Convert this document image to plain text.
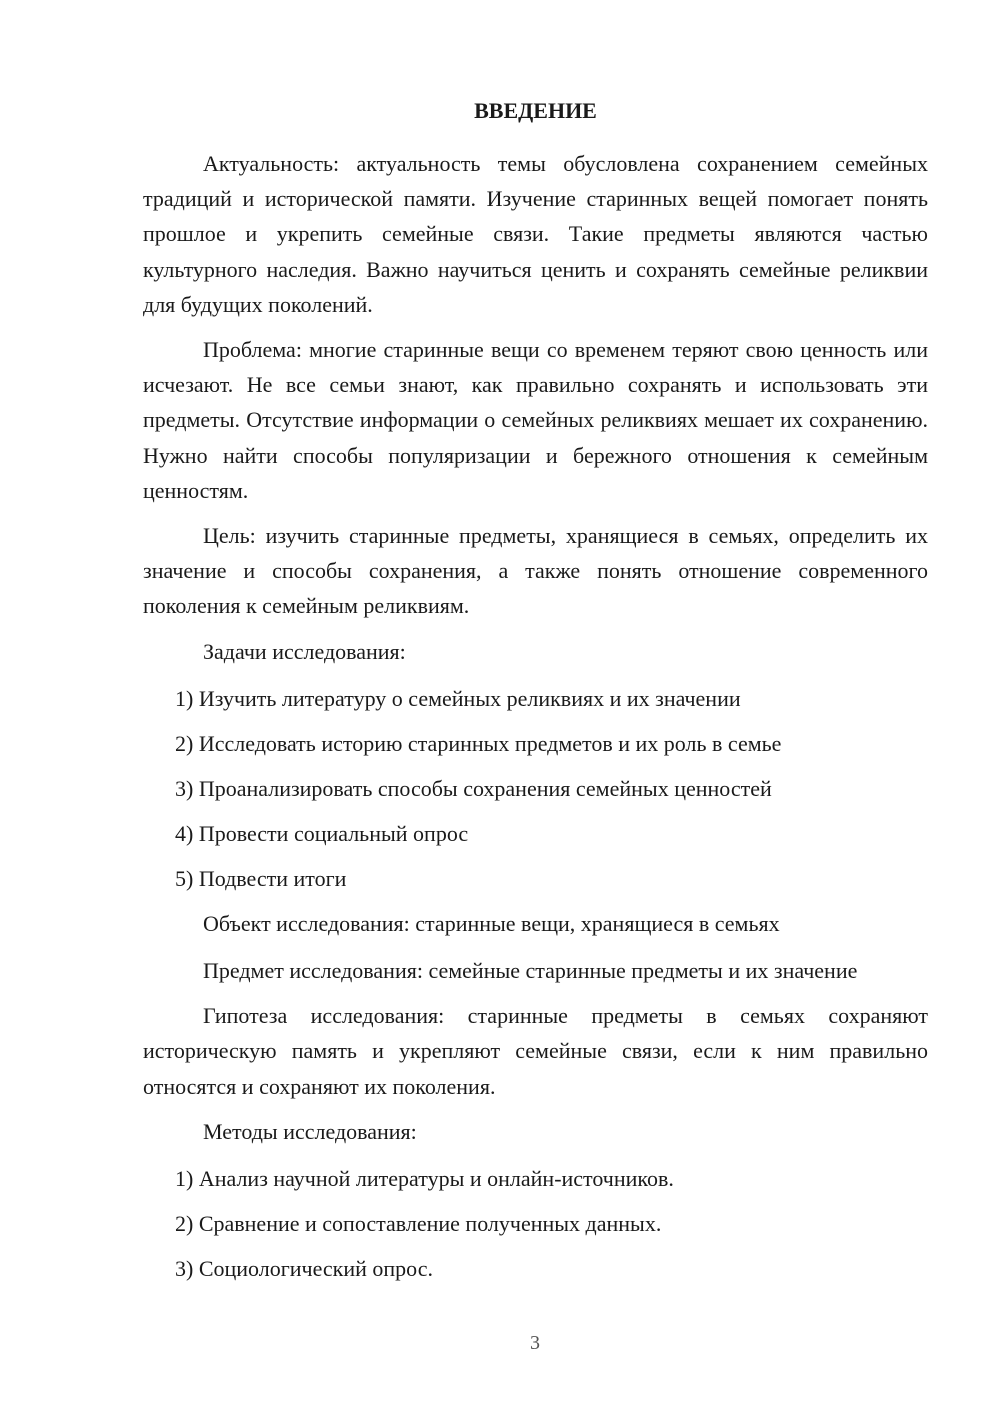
ВВЕДЕНИЕ

Актуальность: актуальность темы обусловлена сохранением семейных традиций и исторической памяти. Изучение старинных вещей помогает понять прошлое и укрепить семейные связи. Такие предметы являются частью культурного наследия. Важно научиться ценить и сохранять семейные реликвии для будущих поколений.

Проблема: многие старинные вещи со временем теряют свою ценность или исчезают. Не все семьи знают, как правильно сохранять и использовать эти предметы. Отсутствие информации о семейных реликвиях мешает их сохранению. Нужно найти способы популяризации и бережного отношения к семейным ценностям.

Цель: изучить старинные предметы, хранящиеся в семьях, определить их значение и способы сохранения, а также понять отношение современного поколения к семейным реликвиям.

Задачи исследования:

1) Изучить литературу о семейных реликвиях и их значении
2) Исследовать историю старинных предметов и их роль в семье
3) Проанализировать способы сохранения семейных ценностей
4) Провести социальный опрос
5) Подвести итоги

Объект исследования: старинные вещи, хранящиеся в семьях

Предмет исследования: семейные старинные предметы и их значение

Гипотеза исследования: старинные предметы в семьях сохраняют историческую память и укрепляют семейные связи, если к ним правильно относятся и сохраняют их поколения.

Методы исследования:

1) Анализ научной литературы и онлайн-источников.
2) Сравнение и сопоставление полученных данных.
3) Социологический опрос.
3
